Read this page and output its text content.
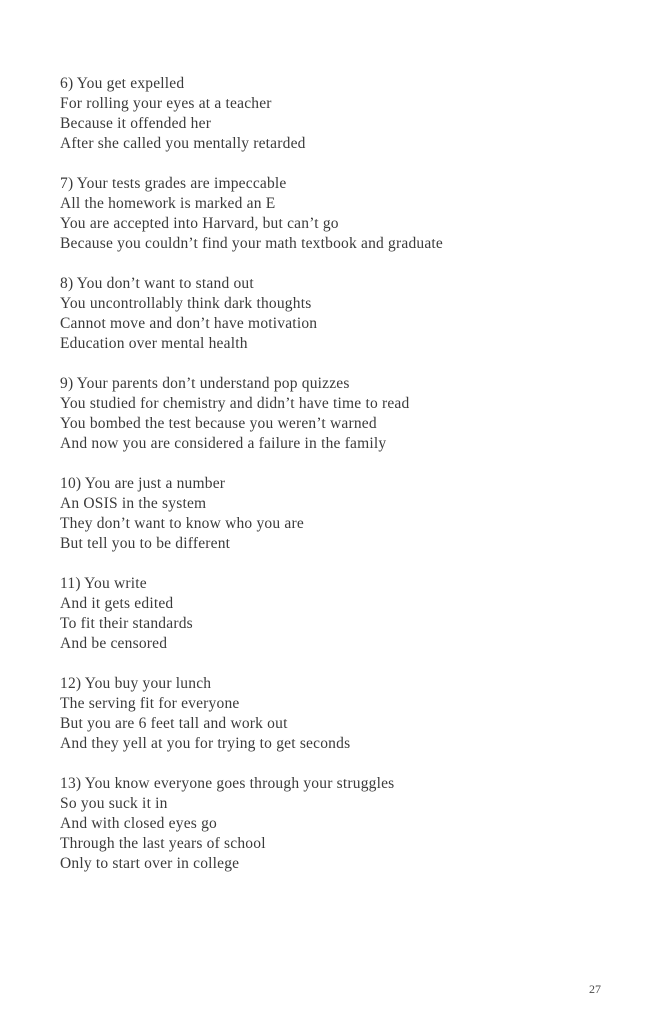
6) You get expelled

For rolling your eyes at a teacher

Because it offended her

After she called you mentally retarded

7) Your tests grades are impeccable

All the homework is marked an E

You are accepted into Harvard, but can’t go

Because you couldn’t find your math textbook and graduate

8) You don’t want to stand out

You uncontrollably think dark thoughts

Cannot move and don’t have motivation

Education over mental health

9) Your parents don’t understand pop quizzes

You studied for chemistry and didn’t have time to read

You bombed the test because you weren’t warned

And now you are considered a failure in the family

10) You are just a number

An OSIS in the system

They don’t want to know who you are

But tell you to be different

11) You write

And it gets edited

To fit their standards

And be censored

12) You buy your lunch

The serving fit for everyone

But you are 6 feet tall and work out

And they yell at you for trying to get seconds

13) You know everyone goes through your struggles

So you suck it in

And with closed eyes go

Through the last years of school

Only to start over in college

27
